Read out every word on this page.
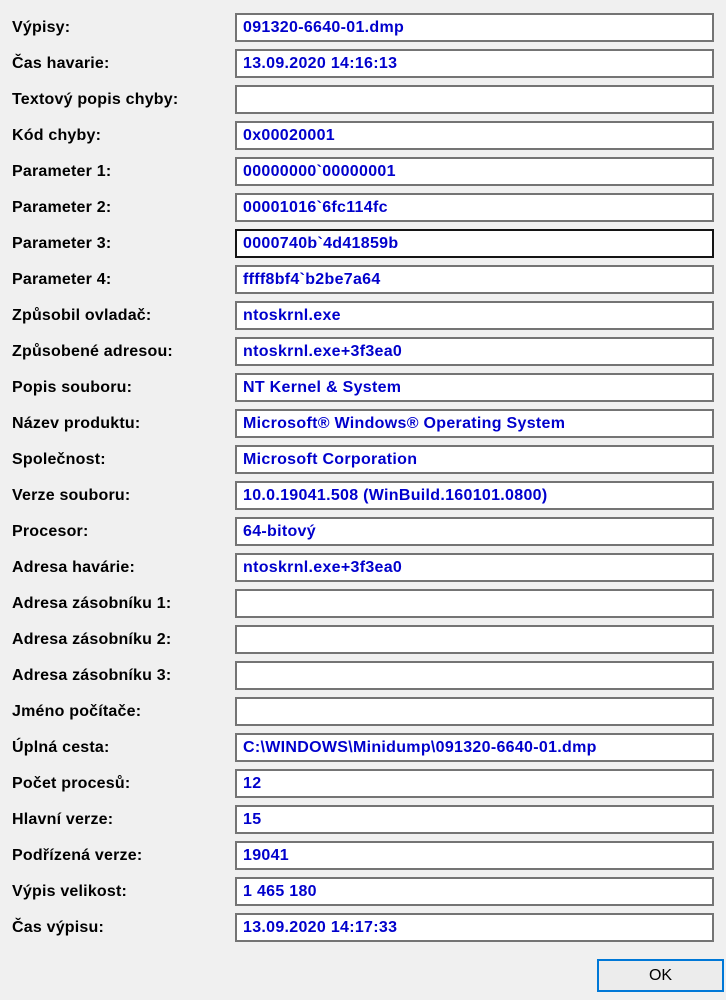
Výpisy:	091320-6640-01.dmp
Čas havarie:	13.09.2020 14:16:13
Textový popis chyby:
Kód chyby:	0x00020001
Parameter 1:	00000000`00000001
Parameter 2:	00001016`6fc114fc
Parameter 3:	0000740b`4d41859b
Parameter 4:	ffff8bf4`b2be7a64
Způsobil ovladač:	ntoskrnl.exe
Způsobené adresou:	ntoskrnl.exe+3f3ea0
Popis souboru:	NT Kernel & System
Název produktu:	Microsoft® Windows® Operating System
Společnost:	Microsoft Corporation
Verze souboru:	10.0.19041.508 (WinBuild.160101.0800)
Procesor:	64-bitový
Adresa havárie:	ntoskrnl.exe+3f3ea0
Adresa zásobníku 1:
Adresa zásobníku 2:
Adresa zásobníku 3:
Jméno počítače:
Úplná cesta:	C:\WINDOWS\Minidump\091320-6640-01.dmp
Počet procesů:	12
Hlavní verze:	15
Podřízená verze:	19041
Výpis velikost:	1 465 180
Čas výpisu:	13.09.2020 14:17:33
OK
